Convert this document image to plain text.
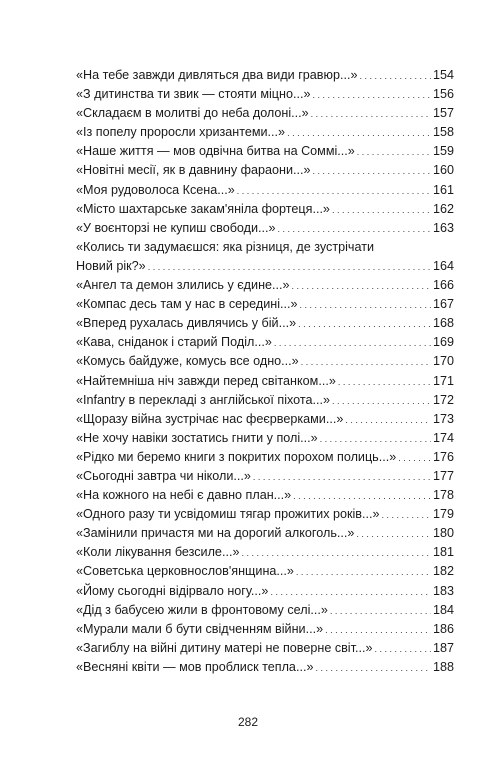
«На тебе завжди дивляться два види гравюр...» . . .	154
«З дитинства ти звик — стояти міцно...» . . .	156
«Складаєм в молитві до неба долоні...» . . .	157
«Із попелу проросли хризантеми...» . . .	158
«Наше життя — мов одвічна битва на Соммі...» . . .	159
«Новітні месії, як в давнину фараони...» . . .	160
«Моя рудоволоса Ксена...» . . .	161
«Місто шахтарське закам'яніла фортеця...» . . .	162
«У воєнторзі не купиш свободи...» . . .	163
«Колись ти задумаєшся: яка різниця, де зустрічати
Новий рік?» . . .	164
«Ангел та демон злились у єдине...» . . .	166
«Компас десь там у нас в середині...» . . .	167
«Вперед рухалась дивлячись у бій...» . . .	168
«Кава, сніданок і старий Поділ...» . . .	169
«Комусь байдуже, комусь все одно...» . . .	170
«Найтемніша ніч завжди перед світанком...» . . .	171
«Infantry в перекладі з англійської піхота...» . . .	172
«Щоразу війна зустрічає нас феєрверками...» . . .	173
«Не хочу навіки зостатись гнити у полі...» . . .	174
«Рідко ми беремо книги з покритих порохом полиць...» . . .	176
«Сьогодні завтра чи ніколи...» . . .	177
«На кожного на небі є давно план...» . . .	178
«Одного разу ти усвідомиш тягар прожитих років...» . . .	179
«Замінили причастя ми на дорогий алкоголь...» . . .	180
«Коли лікування безсиле...» . . .	181
«Советська церковнослов'янщина...» . . .	182
«Йому сьогодні відірвало ногу...» . . .	183
«Дід з бабусею жили в фронтовому селі...» . . .	184
«Мурали мали б бути свідченням війни...» . . .	186
«Загиблу на війні дитину матері не поверне світ...» . . .	187
«Весняні квіти — мов проблиск тепла...» . . .	188
282
